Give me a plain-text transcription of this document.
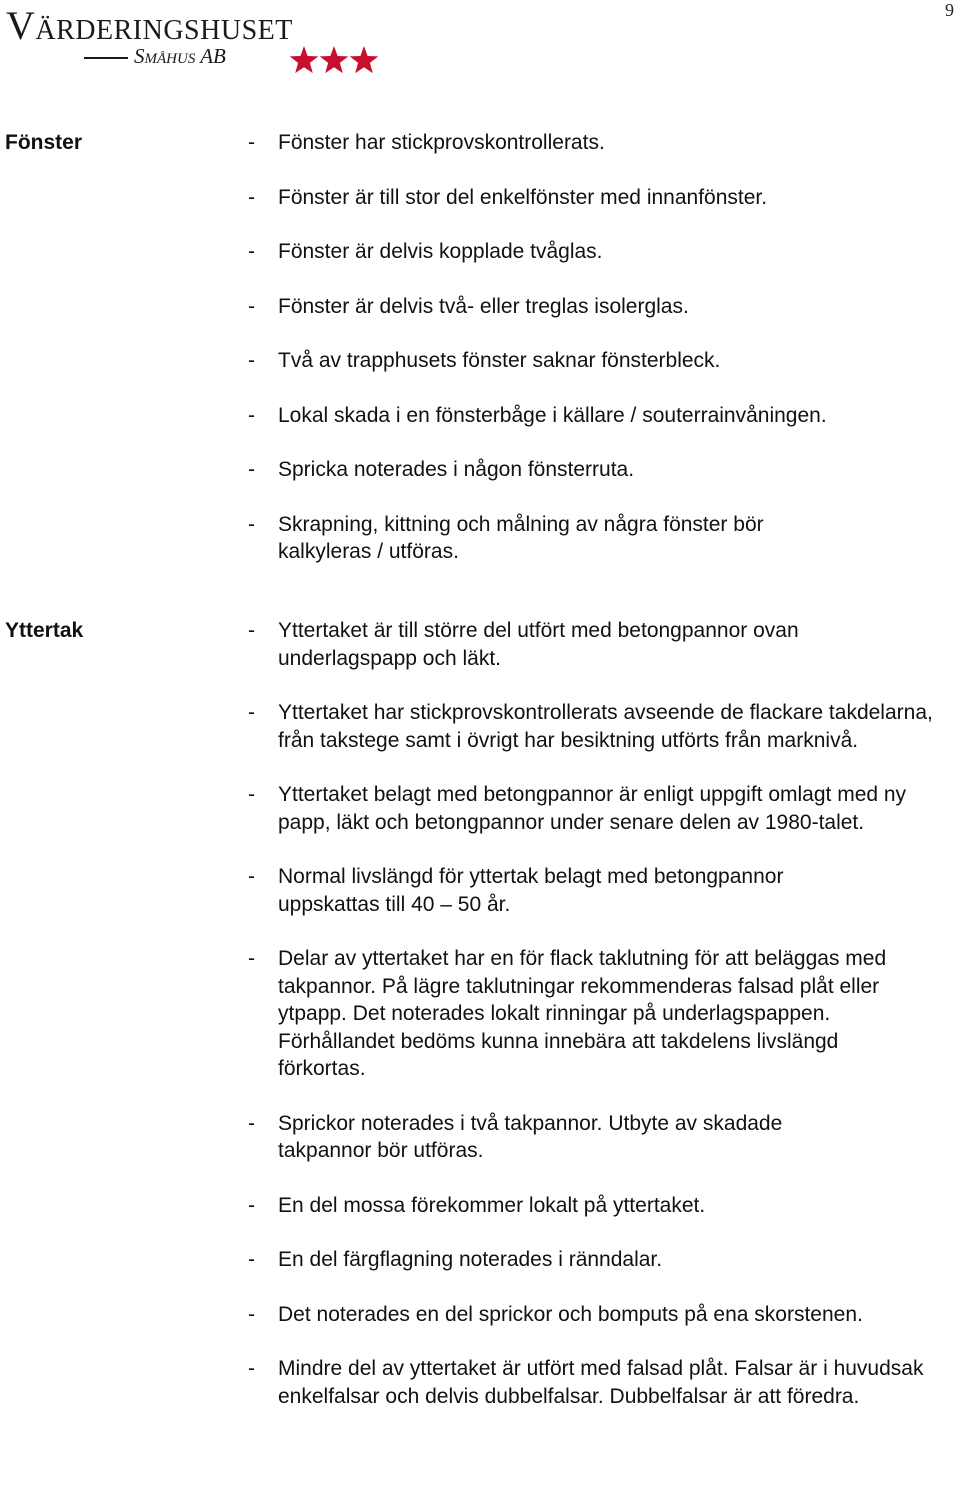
9
Värderingshuset
Småhus AB
Fönster	-	Fönster har stickprovskontrollerats.
-	Fönster är till stor del enkelfönster med innanfönster.
-	Fönster är delvis kopplade tvåglas.
-	Fönster är delvis två- eller treglas isolerglas.
-	Två av trapphusets fönster saknar fönsterbleck.
-	Lokal skada i en fönsterbåge i källare / souterrainvåningen.
-	Spricka noterades i någon fönsterruta.
-	Skrapning, kittning och målning av några fönster bör kalkyleras / utföras.
Yttertak	-	Yttertaket är till större del utfört med betongpannor ovan underlagspapp och läkt.
-	Yttertaket har stickprovskontrollerats avseende de flackare takdelarna, från takstege samt i övrigt har besiktning utförts från marknivå.
-	Yttertaket belagt med betongpannor är enligt uppgift omlagt med ny papp, läkt och betongpannor under senare delen av 1980-talet.
-	Normal livslängd för yttertak belagt med betongpannor uppskattas till 40 – 50 år.
-	Delar av yttertaket har en för flack taklutning för att beläggas med takpannor. På lägre taklutningar rekommenderas falsad plåt eller ytpapp. Det noterades lokalt rinningar på underlagspappen. Förhållandet bedöms kunna innebära att takdelens livslängd förkortas.
-	Sprickor noterades i två takpannor. Utbyte av skadade takpannor bör utföras.
-	En del mossa förekommer lokalt på yttertaket.
-	En del färgflagning noterades i ränndalar.
-	Det noterades en del sprickor och bomputs på ena skorstenen.
-	Mindre del av yttertaket är utfört med falsad plåt. Falsar är i huvudsak enkelfalsar och delvis dubbelfalsar. Dubbelfalsar är att föredra.
